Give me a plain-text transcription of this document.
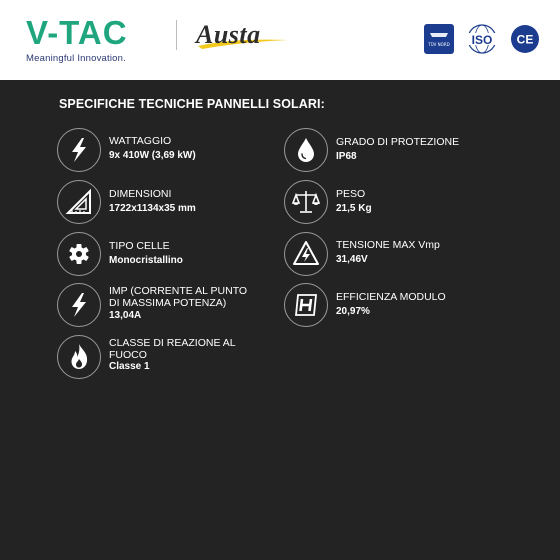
V-TAC
Meaningful Innovation.
Austa	TÜV NORD ISO CE
SPECIFICHE TECNICHE PANNELLI SOLARI:
WATTAGGIO
9x 410W (3,69 kW)
DIMENSIONI
1722x1134x35 mm
TIPO CELLE
Monocristallino
IMP (CORRENTE AL PUNTO DI MASSIMA POTENZA)
13,04A
CLASSE DI REAZIONE AL FUOCO
Classe 1
GRADO DI PROTEZIONE
IP68
PESO
21,5 Kg
TENSIONE MAX Vmp
31,46V
EFFICIENZA MODULO
20,97%
